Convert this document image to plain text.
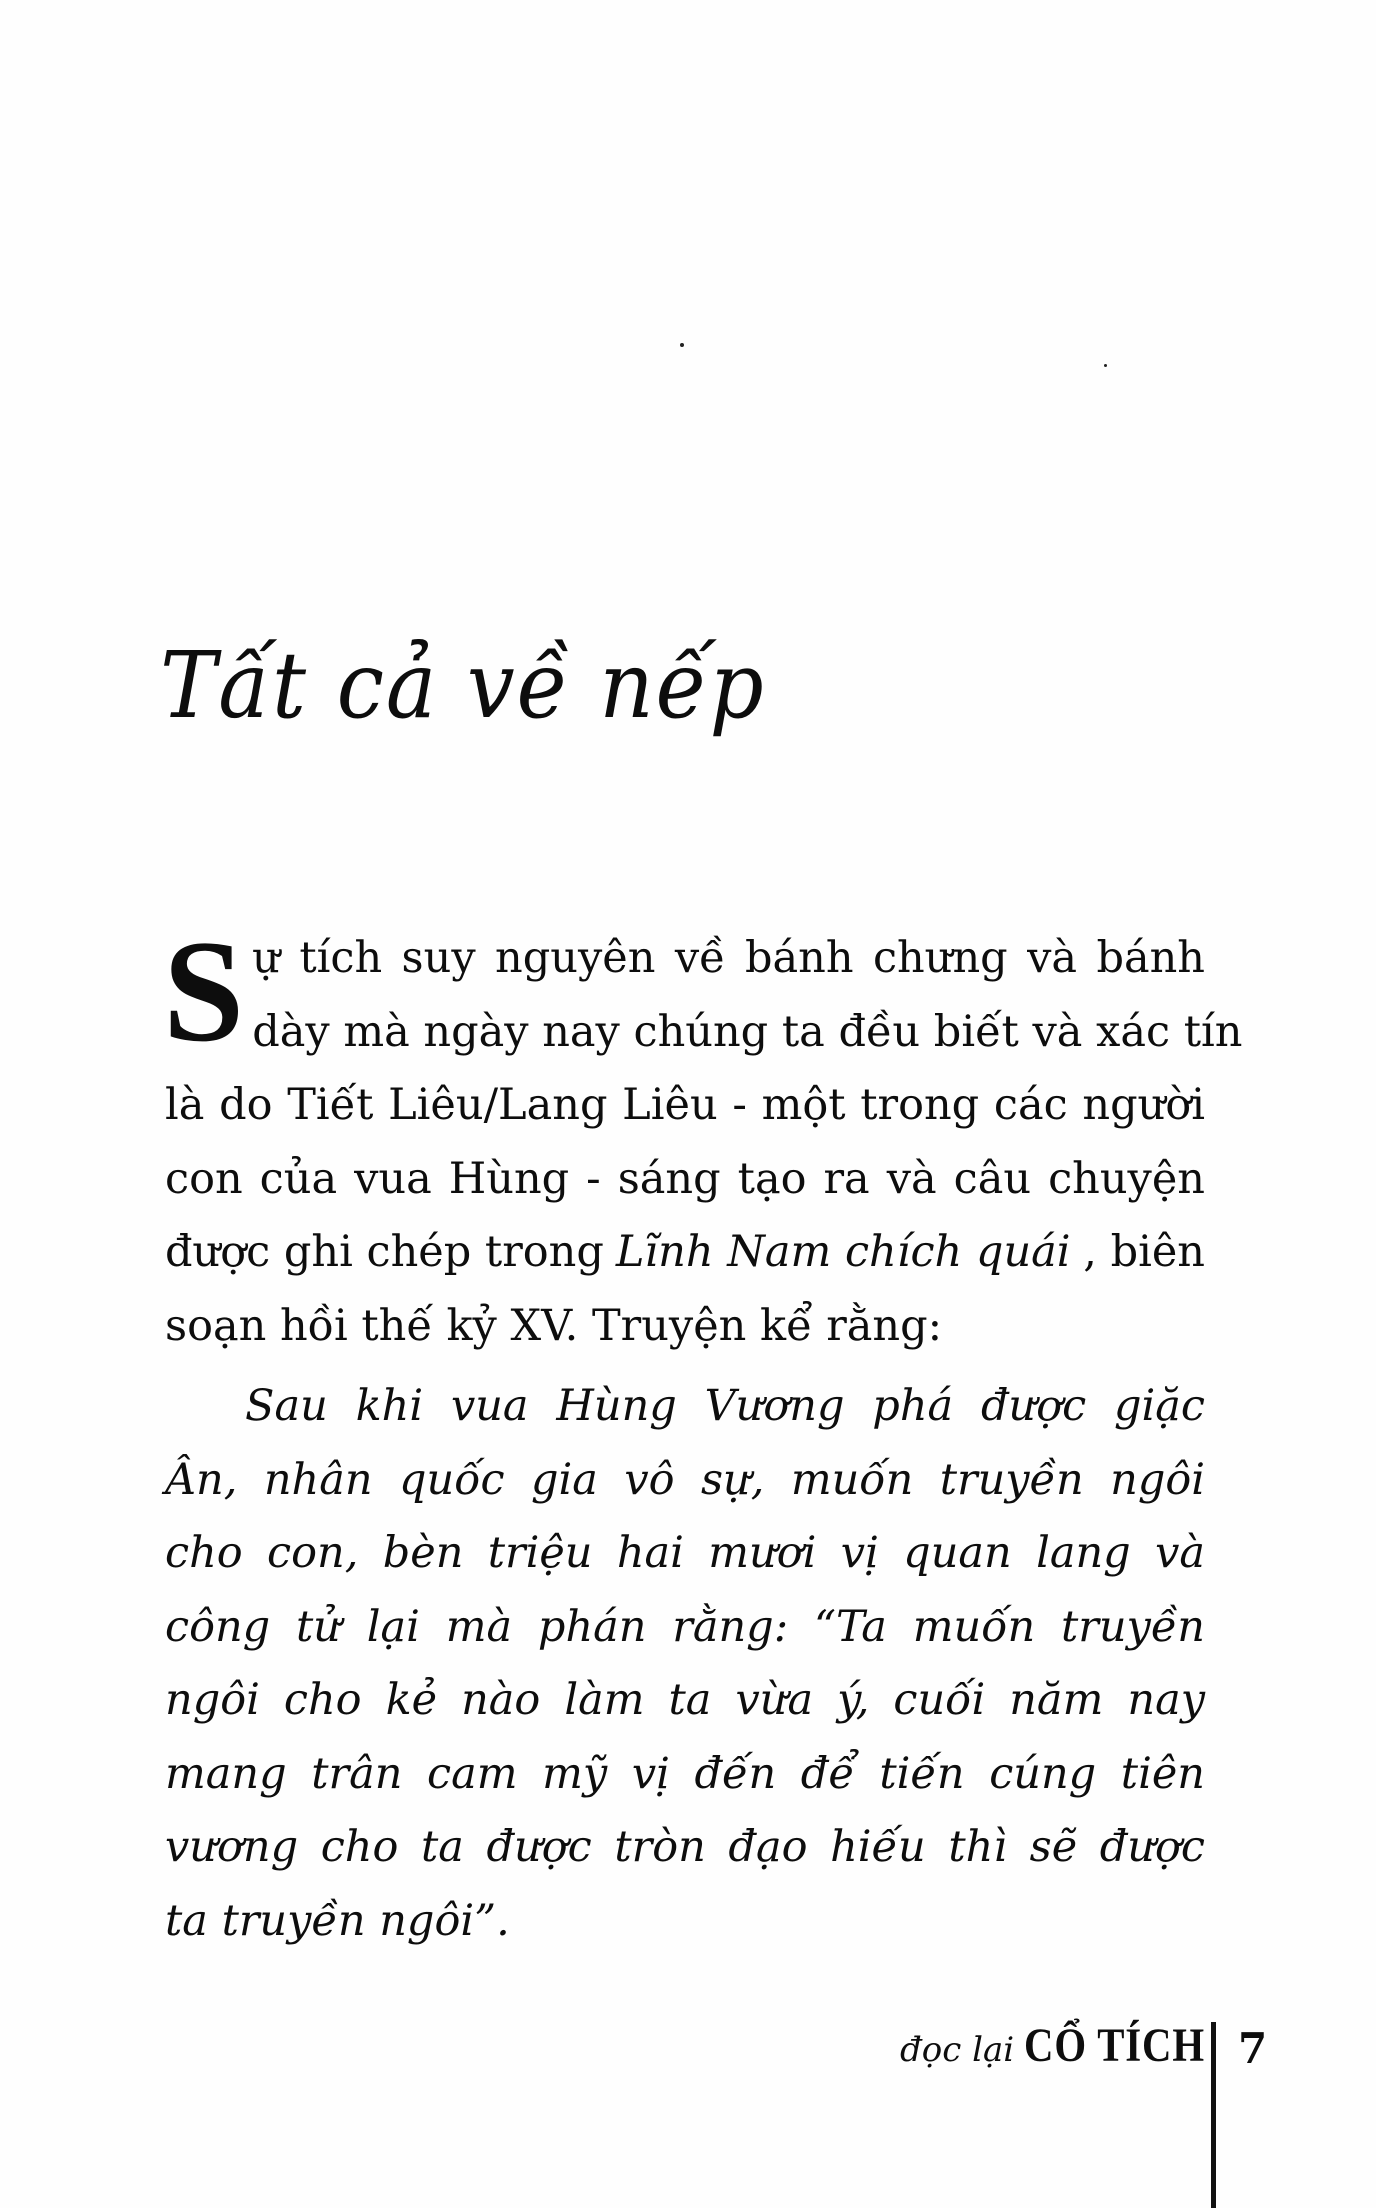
Tất cả về nếp
S ự tích suy nguyên về bánh chưng và bánh
dày mà ngày nay chúng ta đều biết và xác tín
là do Tiết Liêu/Lang Liêu - một trong các người
con của vua Hùng - sáng tạo ra và câu chuyện
được ghi chép trong Lĩnh Nam chích quái , biên
soạn hồi thế kỷ XV. Truyện kể rằng:
Sau khi vua Hùng Vương phá được giặc
Ân, nhân quốc gia vô sự, muốn truyền ngôi
cho con, bèn triệu hai mươi vị quan lang và
công tử lại mà phán rằng: “Ta muốn truyền
ngôi cho kẻ nào làm ta vừa ý, cuối năm nay
mang trân cam mỹ vị đến để tiến cúng tiên
vương cho ta được tròn đạo hiếu thì sẽ được
ta truyền ngôi”.
đọc lại CỔ TÍCH 7
